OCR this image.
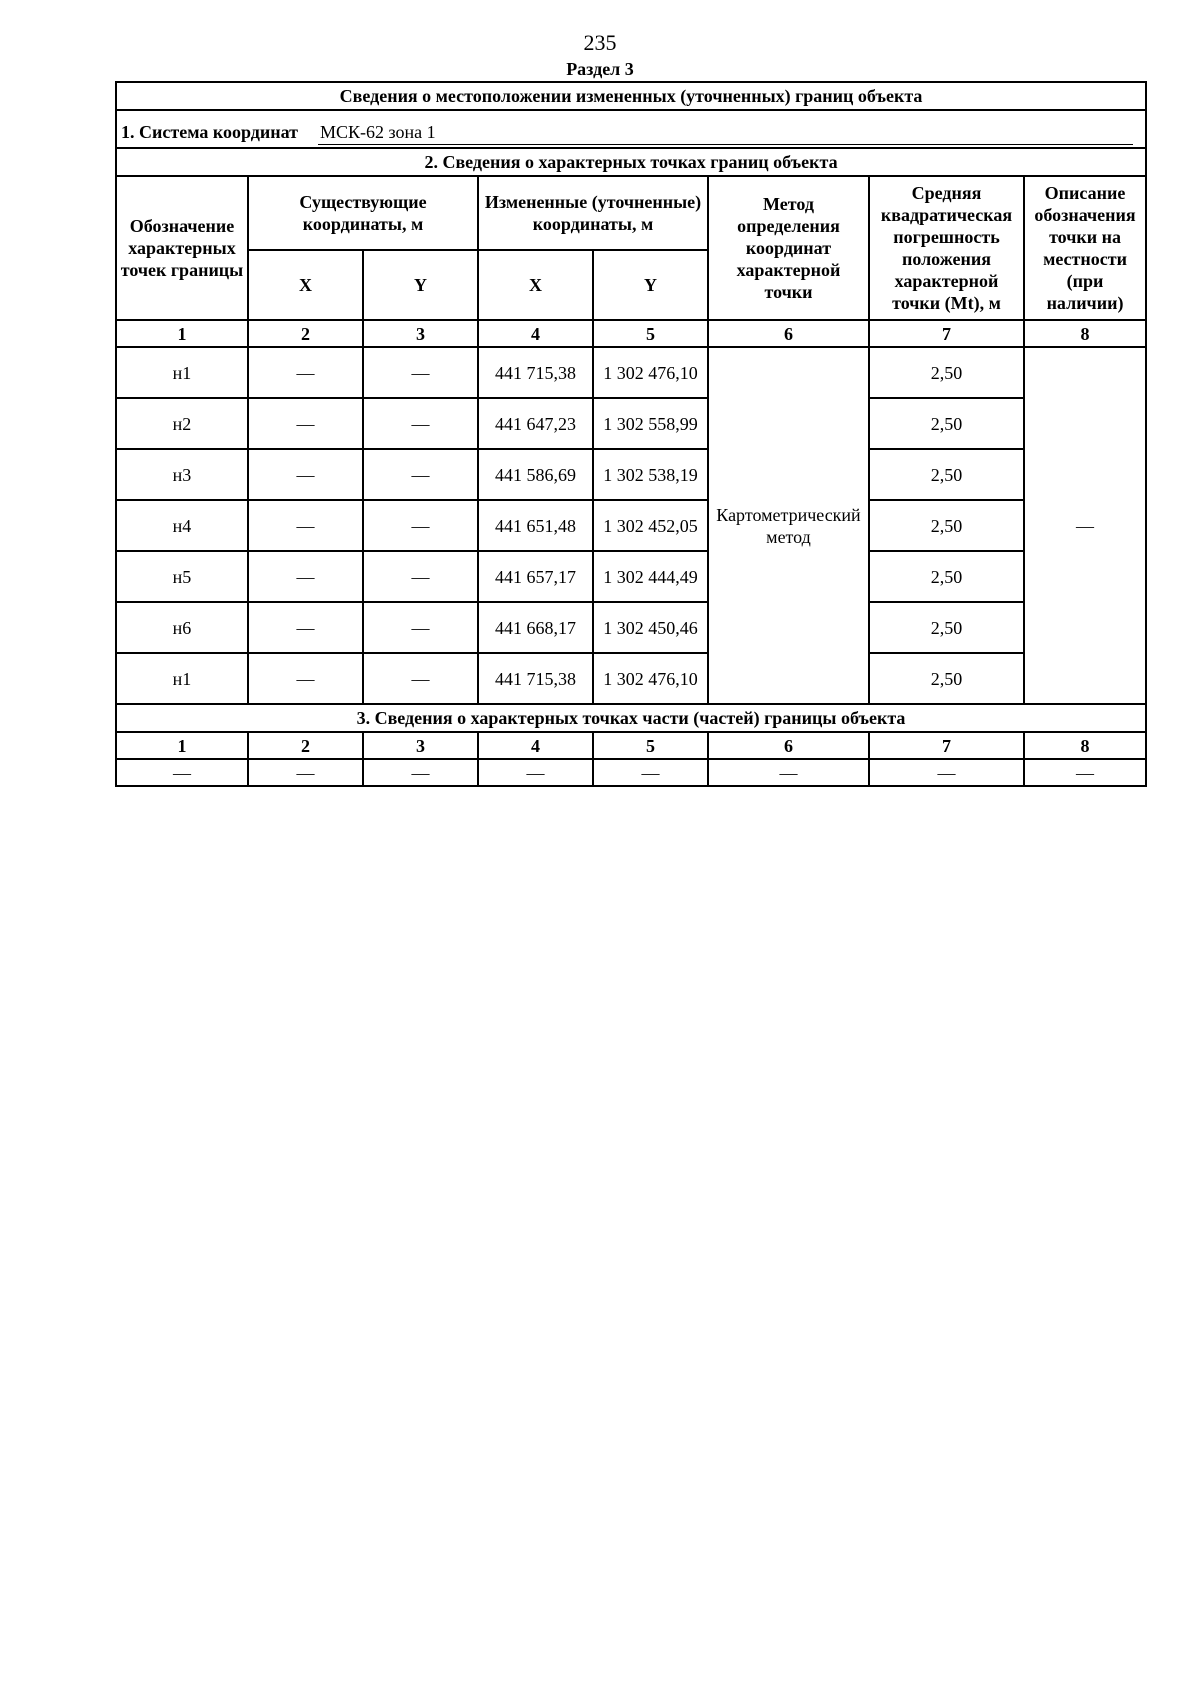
235
Раздел 3
Сведения о местоположении измененных (уточненных) границ объекта							

1. Система координат МСК-62 зона 1							

2. Сведения о характерных точках границ объекта							
Обозначение характерных точек границы	Существующие координаты, м		Измененные (уточненные) координаты, м		Метод определения координат характерной точки	Средняя квадратическая погрешность положения характерной точки (Mt), м	Описание обозначения точки на местности (при наличии)
	X	Y	X	Y			
1	2	3	4	5	6	7	8
н1	—	—	441 715,38	1 302 476,10	Картометрический метод	2,50	—
н2	—	—	441 647,23	1 302 558,99		2,50	
н3	—	—	441 586,69	1 302 538,19		2,50	
н4	—	—	441 651,48	1 302 452,05		2,50	
н5	—	—	441 657,17	1 302 444,49		2,50	
н6	—	—	441 668,17	1 302 450,46		2,50	
н1	—	—	441 715,38	1 302 476,10		2,50	
3. Сведения о характерных точках части (частей) границы объекта							
1	2	3	4	5	6	7	8
—	—	—	—	—	—	—	—
